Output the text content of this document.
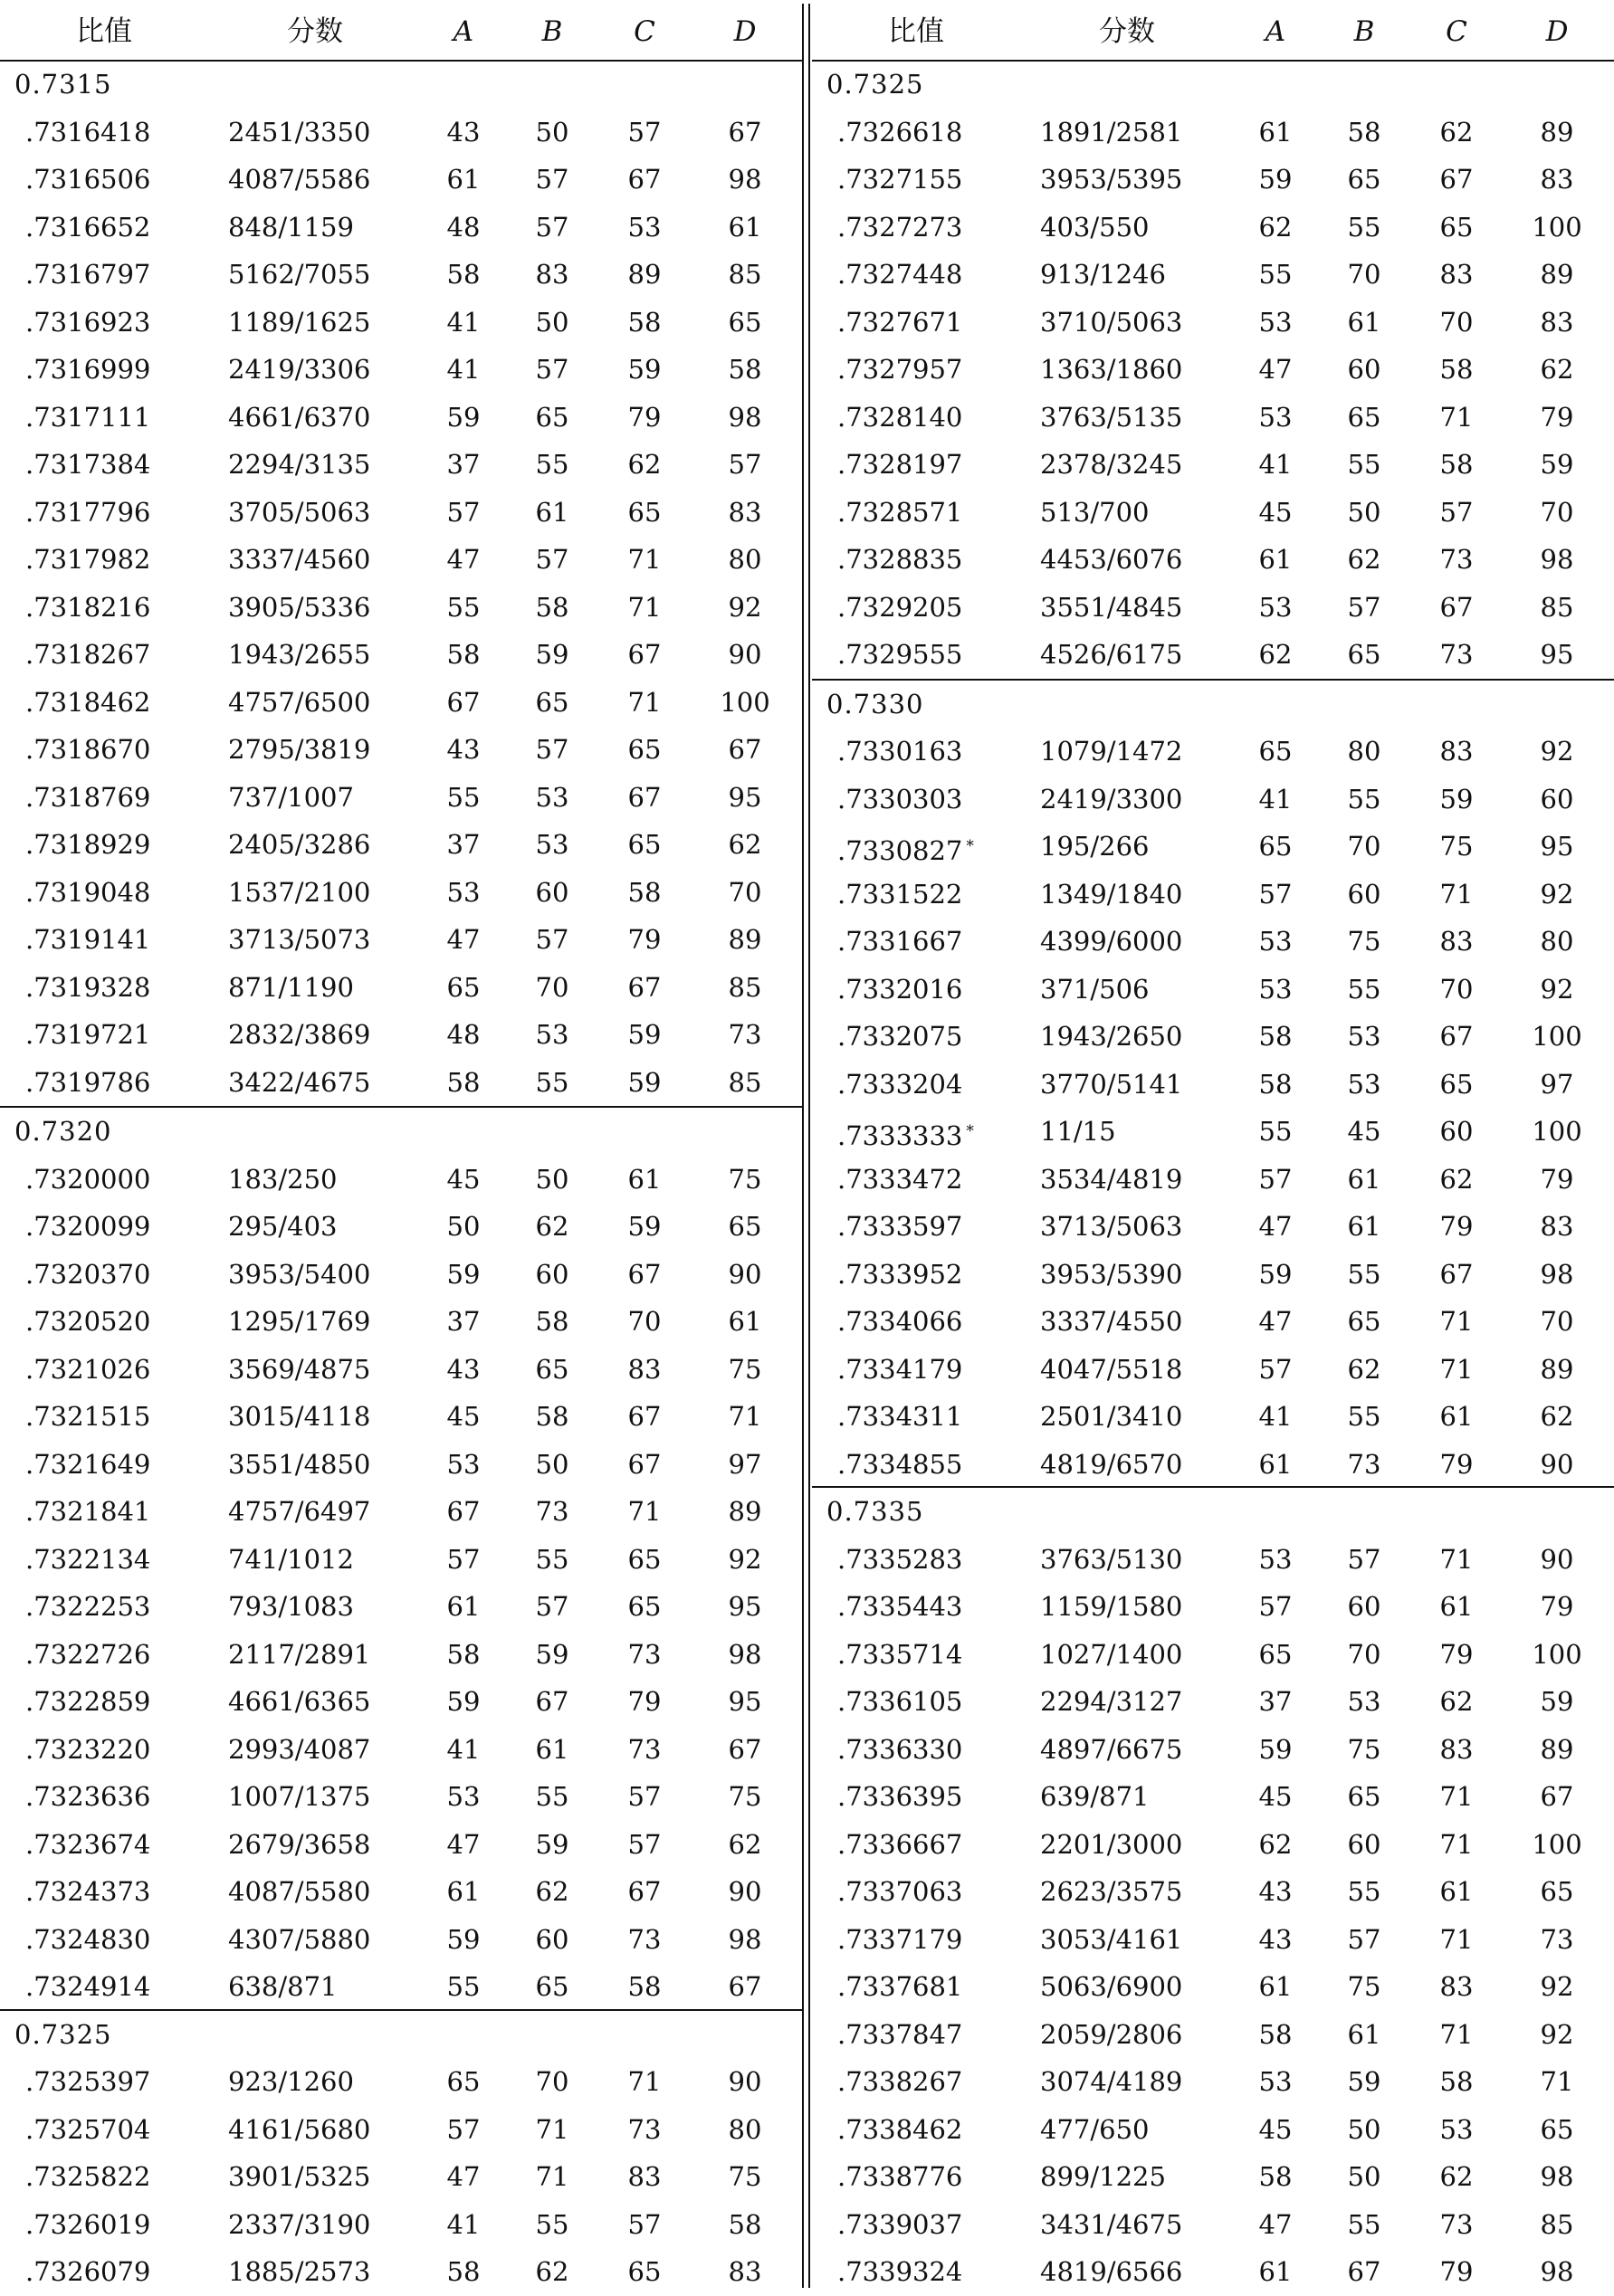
比值	分数	A	B	C	D
0.7315
.7316418	2451/3350	43	50	57	67
.7316506	4087/5586	61	57	67	98
.7316652	848/1159	48	57	53	61
.7316797	5162/7055	58	83	89	85
.7316923	1189/1625	41	50	58	65
.7316999	2419/3306	41	57	59	58
.7317111	4661/6370	59	65	79	98
.7317384	2294/3135	37	55	62	57
.7317796	3705/5063	57	61	65	83
.7317982	3337/4560	47	57	71	80
.7318216	3905/5336	55	58	71	92
.7318267	1943/2655	58	59	67	90
.7318462	4757/6500	67	65	71	100
.7318670	2795/3819	43	57	65	67
.7318769	737/1007	55	53	67	95
.7318929	2405/3286	37	53	65	62
.7319048	1537/2100	53	60	58	70
.7319141	3713/5073	47	57	79	89
.7319328	871/1190	65	70	67	85
.7319721	2832/3869	48	53	59	73
.7319786	3422/4675	58	55	59	85
0.7320
.7320000	183/250	45	50	61	75
.7320099	295/403	50	62	59	65
.7320370	3953/5400	59	60	67	90
.7320520	1295/1769	37	58	70	61
.7321026	3569/4875	43	65	83	75
.7321515	3015/4118	45	58	67	71
.7321649	3551/4850	53	50	67	97
.7321841	4757/6497	67	73	71	89
.7322134	741/1012	57	55	65	92
.7322253	793/1083	61	57	65	95
.7322726	2117/2891	58	59	73	98
.7322859	4661/6365	59	67	79	95
.7323220	2993/4087	41	61	73	67
.7323636	1007/1375	53	55	57	75
.7323674	2679/3658	47	59	57	62
.7324373	4087/5580	61	62	67	90
.7324830	4307/5880	59	60	73	98
.7324914	638/871	55	65	58	67
0.7325
.7325397	923/1260	65	70	71	90
.7325704	4161/5680	57	71	73	80
.7325822	3901/5325	47	71	83	75
.7326019	2337/3190	41	55	57	58
.7326079	1885/2573	58	62	65	83
比值	分数	A	B	C	D
0.7325
.7326618	1891/2581	61	58	62	89
.7327155	3953/5395	59	65	67	83
.7327273	403/550	62	55	65	100
.7327448	913/1246	55	70	83	89
.7327671	3710/5063	53	61	70	83
.7327957	1363/1860	47	60	58	62
.7328140	3763/5135	53	65	71	79
.7328197	2378/3245	41	55	58	59
.7328571	513/700	45	50	57	70
.7328835	4453/6076	61	62	73	98
.7329205	3551/4845	53	57	67	85
.7329555	4526/6175	62	65	73	95
0.7330
.7330163	1079/1472	65	80	83	92
.7330303	2419/3300	41	55	59	60
.7330827 *	195/266	65	70	75	95
.7331522	1349/1840	57	60	71	92
.7331667	4399/6000	53	75	83	80
.7332016	371/506	53	55	70	92
.7332075	1943/2650	58	53	67	100
.7333204	3770/5141	58	53	65	97
.7333333 *	11/15	55	45	60	100
.7333472	3534/4819	57	61	62	79
.7333597	3713/5063	47	61	79	83
.7333952	3953/5390	59	55	67	98
.7334066	3337/4550	47	65	71	70
.7334179	4047/5518	57	62	71	89
.7334311	2501/3410	41	55	61	62
.7334855	4819/6570	61	73	79	90
0.7335
.7335283	3763/5130	53	57	71	90
.7335443	1159/1580	57	60	61	79
.7335714	1027/1400	65	70	79	100
.7336105	2294/3127	37	53	62	59
.7336330	4897/6675	59	75	83	89
.7336395	639/871	45	65	71	67
.7336667	2201/3000	62	60	71	100
.7337063	2623/3575	43	55	61	65
.7337179	3053/4161	43	57	71	73
.7337681	5063/6900	61	75	83	92
.7337847	2059/2806	58	61	71	92
.7338267	3074/4189	53	59	58	71
.7338462	477/650	45	50	53	65
.7338776	899/1225	58	50	62	98
.7339037	3431/4675	47	55	73	85
.7339324	4819/6566	61	67	79	98
